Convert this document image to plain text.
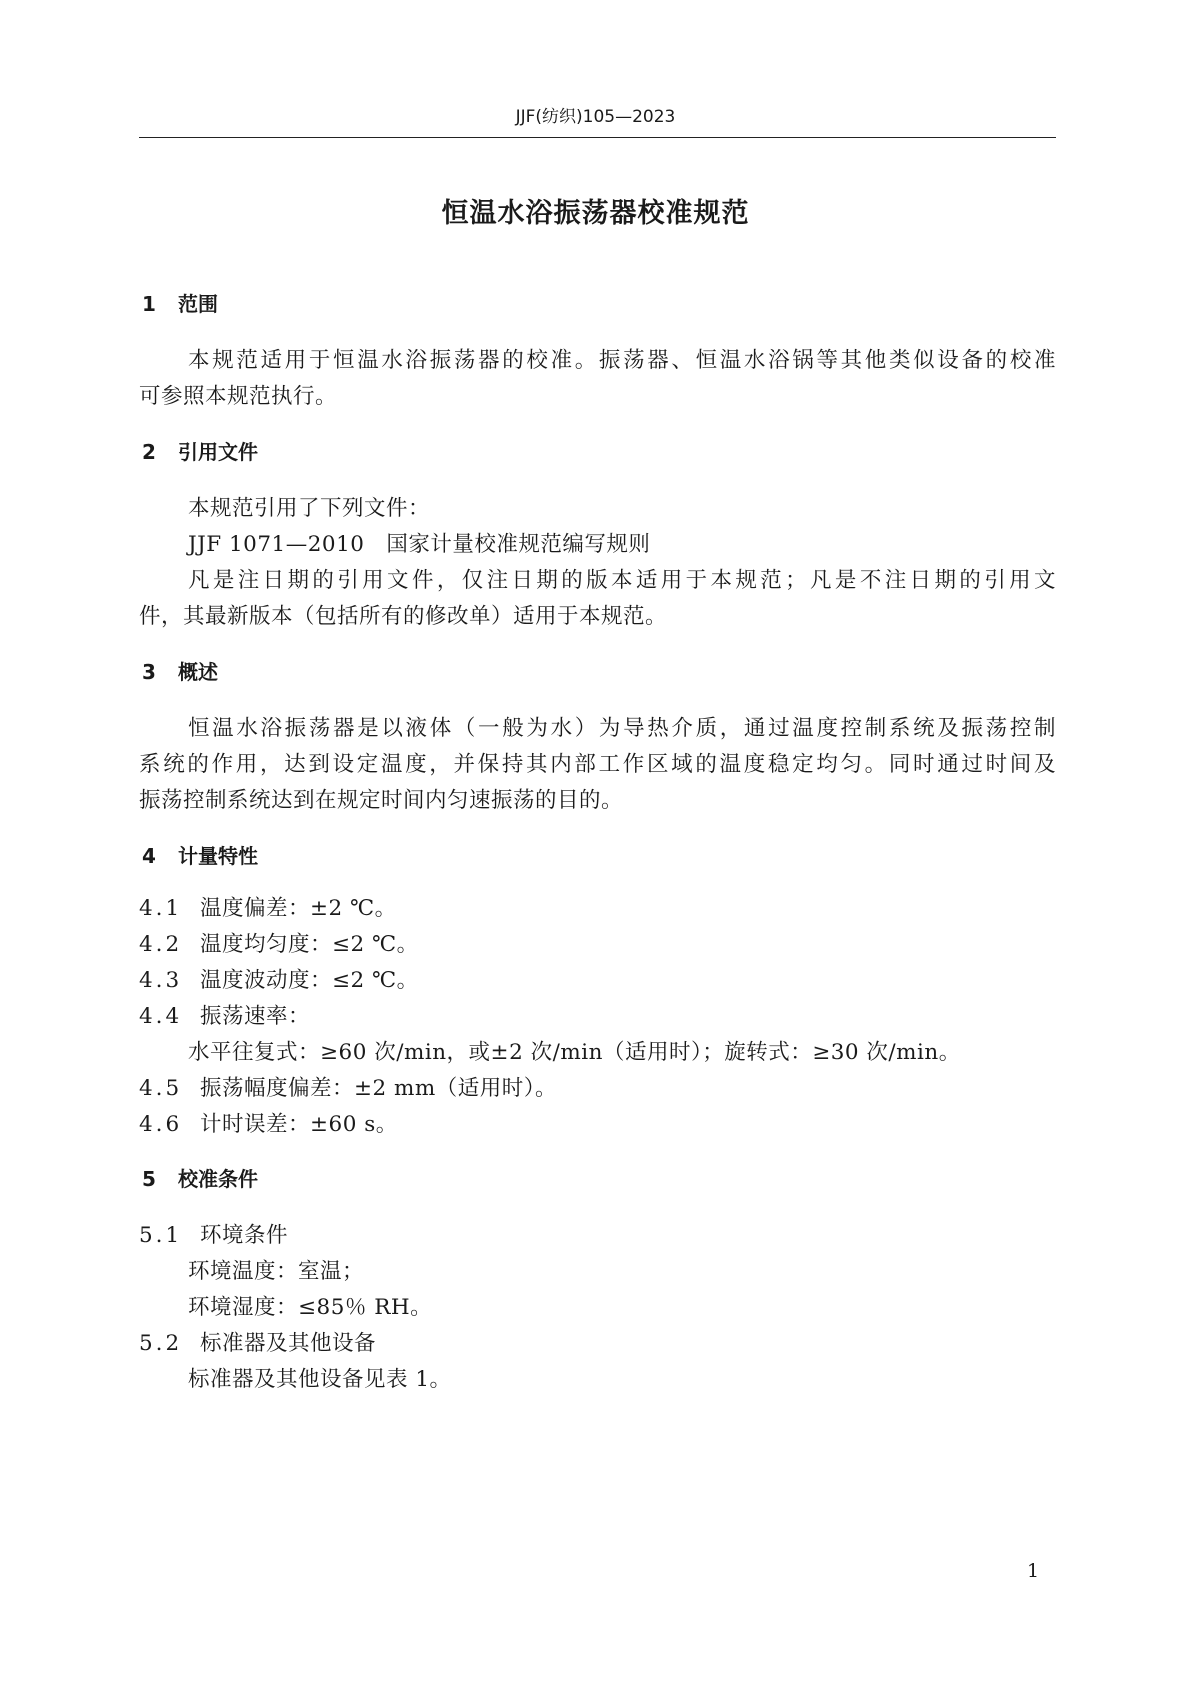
JJF(纺织)105—2023
恒温水浴振荡器校准规范
1 范围
本规范适用于恒温水浴振荡器的校准。振荡器、恒温水浴锅等其他类似设备的校准
可参照本规范执行。
2 引用文件
本规范引用了下列文件：
JJF 1071—2010　国家计量校准规范编写规则
凡是注日期的引用文件，仅注日期的版本适用于本规范；凡是不注日期的引用文
件，其最新版本（包括所有的修改单）适用于本规范。
3 概述
恒温水浴振荡器是以液体（一般为水）为导热介质，通过温度控制系统及振荡控制
系统的作用，达到设定温度，并保持其内部工作区域的温度稳定均匀。同时通过时间及
振荡控制系统达到在规定时间内匀速振荡的目的。
4 计量特性
4.1 温度偏差：±2 ℃。
4.2 温度均匀度：≤2 ℃。
4.3 温度波动度：≤2 ℃。
4.4 振荡速率：
水平往复式：≥60 次/min，或±2 次/min（适用时）；旋转式：≥30 次/min。
4.5 振荡幅度偏差：±2 mm（适用时）。
4.6 计时误差：±60 s。
5 校准条件
5.1 环境条件
环境温度：室温；
环境湿度：≤85％ RH。
5.2 标准器及其他设备
标准器及其他设备见表 1。
1
